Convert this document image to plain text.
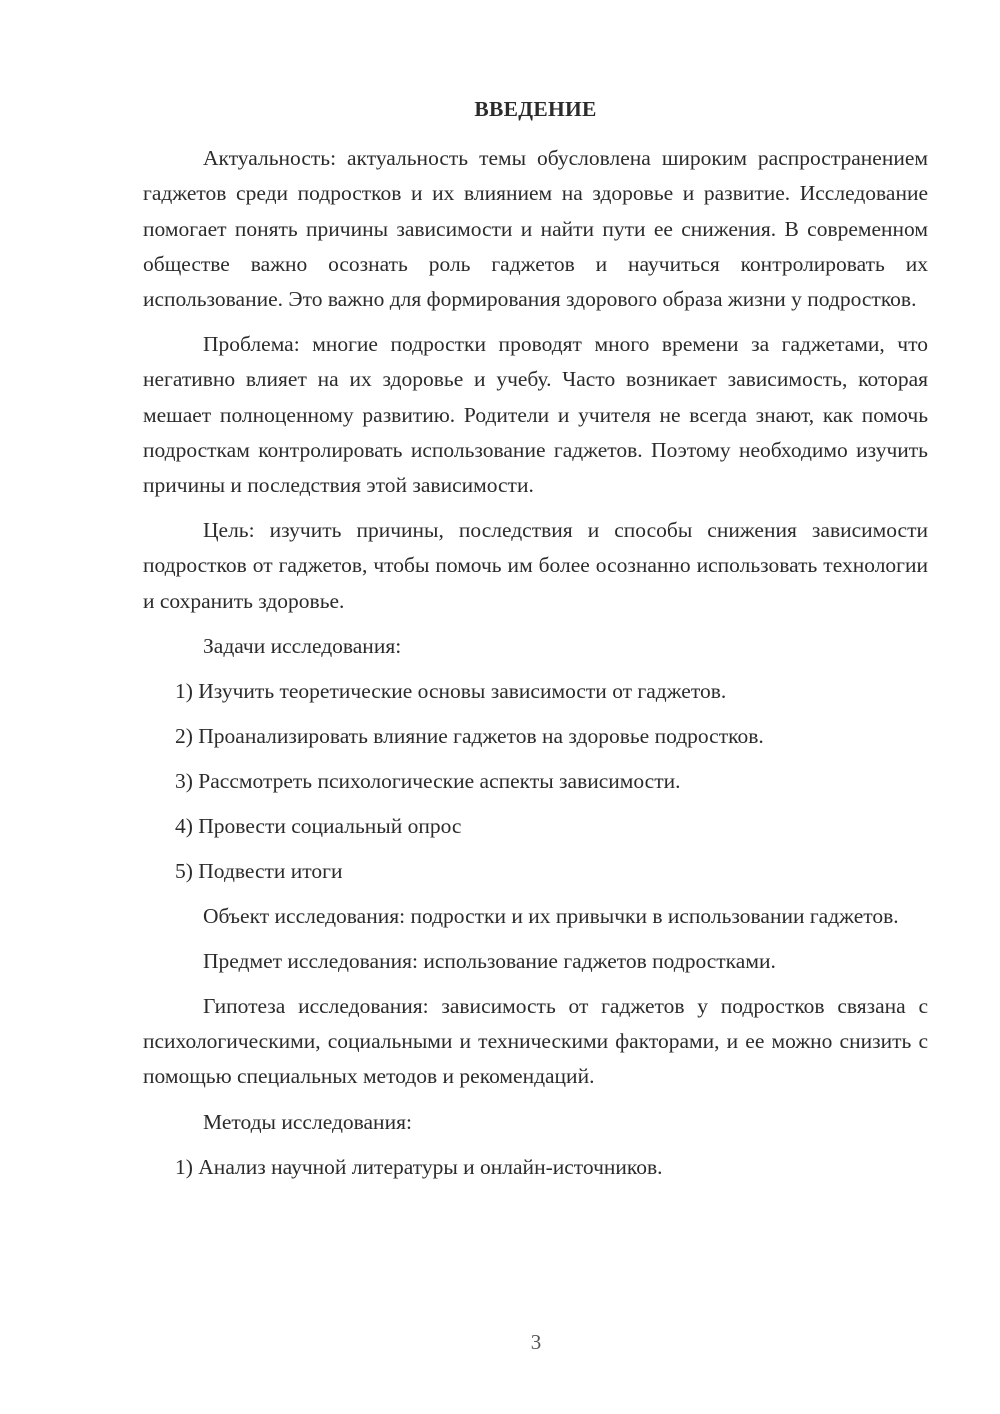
ВВЕДЕНИЕ

Актуальность: актуальность темы обусловлена широким распространением гаджетов среди подростков и их влиянием на здоровье и развитие. Исследование помогает понять причины зависимости и найти пути ее снижения. В современном обществе важно осознать роль гаджетов и научиться контролировать их использование. Это важно для формирования здорового образа жизни у подростков.

Проблема: многие подростки проводят много времени за гаджетами, что негативно влияет на их здоровье и учебу. Часто возникает зависимость, которая мешает полноценному развитию. Родители и учителя не всегда знают, как помочь подросткам контролировать использование гаджетов. Поэтому необходимо изучить причины и последствия этой зависимости.

Цель: изучить причины, последствия и способы снижения зависимости подростков от гаджетов, чтобы помочь им более осознанно использовать технологии и сохранить здоровье.

Задачи исследования:

1) Изучить теоретические основы зависимости от гаджетов.

2) Проанализировать влияние гаджетов на здоровье подростков.

3) Рассмотреть психологические аспекты зависимости.

4) Провести социальный опрос

5) Подвести итоги

Объект исследования: подростки и их привычки в использовании гаджетов.

Предмет исследования: использование гаджетов подростками.

Гипотеза исследования: зависимость от гаджетов у подростков связана с психологическими, социальными и техническими факторами, и ее можно снизить с помощью специальных методов и рекомендаций.

Методы исследования:

1) Анализ научной литературы и онлайн-источников.

3
